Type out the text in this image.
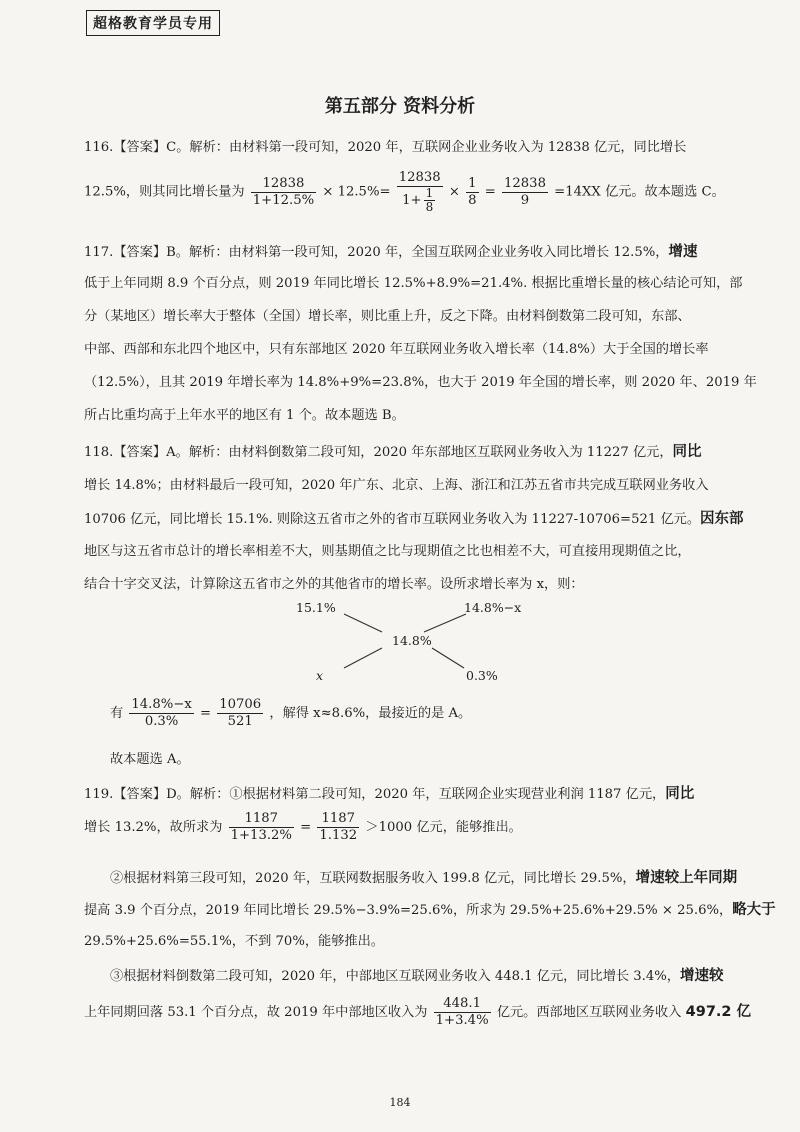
超格教育学员专用
第五部分 资料分析
116.【答案】C。解析：由材料第一段可知，2020 年，互联网企业业务收入为 12838 亿元，同比增长
12.5%，则其同比增长量为 $\frac{12838}{1+12.5\%} \times 12.5\%= \frac{12838}{1+ \frac{1}{8}} \times \frac{1}{8} = \frac{12838}{9} =14XX$ 亿元。故本题选 C。
117.【答案】B。解析：由材料第一段可知，2020 年，全国互联网企业业务收入同比增长 12.5%，增速
低于上年同期 8.9 个百分点，则 2019 年同比增长 12.5%+8.9%=21.4%. 根据比重增长量的核心结论可知，部
分（某地区）增长率大于整体（全国）增长率，则比重上升，反之下降。由材料倒数第二段可知，东部、
中部、西部和东北四个地区中，只有东部地区 2020 年互联网业务收入增长率（14.8%）大于全国的增长率
（12.5%），且其 2019 年增长率为 14.8%+9%=23.8%，也大于 2019 年全国的增长率，则 2020 年、2019 年
所占比重均高于上年水平的地区有 1 个。故本题选 B。
118.【答案】A。解析：由材料倒数第二段可知，2020 年东部地区互联网业务收入为 11227 亿元，同比
增长 14.8%；由材料最后一段可知，2020 年广东、北京、上海、浙江和江苏五省市共完成互联网业务收入
10706 亿元，同比增长 15.1%. 则除这五省市之外的省市互联网业务收入为 11227-10706=521 亿元。因东部
地区与这五省市总计的增长率相差不大，则基期值之比与现期值之比也相差不大，可直接用现期值之比，
结合十字交叉法，计算除这五省市之外的其他省市的增长率。设所求增长率为 x，则：
15.1%	14.8%−x
14.8%
x	0.3%
有 $\frac{14.8\%-x}{0.3\%} = \frac{10706}{521}$ ，解得 x≈8.6%，最接近的是 A。
故本题选 A。
119.【答案】D。解析：①根据材料第二段可知，2020 年，互联网企业实现营业利润 1187 亿元，同比
增长 13.2%，故所求为 $\frac{1187}{1+13.2\%} = \frac{1187}{1.132} >1000$ 亿元，能够推出。
②根据材料第三段可知，2020 年，互联网数据服务收入 199.8 亿元，同比增长 29.5%，增速较上年同期
提高 3.9 个百分点，2019 年同比增长 29.5%−3.9%=25.6%，所求为 29.5%+25.6%+29.5% × 25.6%，略大于
29.5%+25.6%=55.1%，不到 70%，能够推出。
③根据材料倒数第二段可知，2020 年，中部地区互联网业务收入 448.1 亿元，同比增长 3.4%，增速较
上年同期回落 53.1 个百分点，故 2019 年中部地区收入为 $\frac{448.1}{1+3.4\%}$ 亿元。西部地区互联网业务收入 497.2 亿
184
